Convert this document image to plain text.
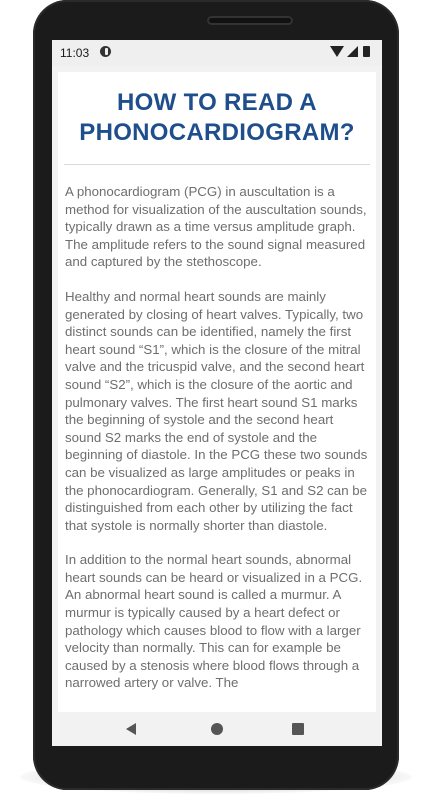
11:03
HOW TO READ A PHONOCARDIOGRAM?

A phonocardiogram (PCG) in auscultation is a method for visualization of the auscultation sounds, typically drawn as a time versus amplitude graph. The amplitude refers to the sound signal measured and captured by the stethoscope.

Healthy and normal heart sounds are mainly generated by closing of heart valves. Typically, two distinct sounds can be identified, namely the first heart sound “S1”, which is the closure of the mitral valve and the tricuspid valve, and the second heart sound “S2”, which is the closure of the aortic and pulmonary valves. The first heart sound S1 marks the beginning of systole and the second heart sound S2 marks the end of systole and the beginning of diastole. In the PCG these two sounds can be visualized as large amplitudes or peaks in the phonocardiogram. Generally, S1 and S2 can be distinguished from each other by utilizing the fact that systole is normally shorter than diastole.

In addition to the normal heart sounds, abnormal heart sounds can be heard or visualized in a PCG. An abnormal heart sound is called a murmur. A murmur is typically caused by a heart defect or pathology which causes blood to flow with a larger velocity than normally. This can for example be caused by a stenosis where blood flows through a narrowed artery or valve. The
